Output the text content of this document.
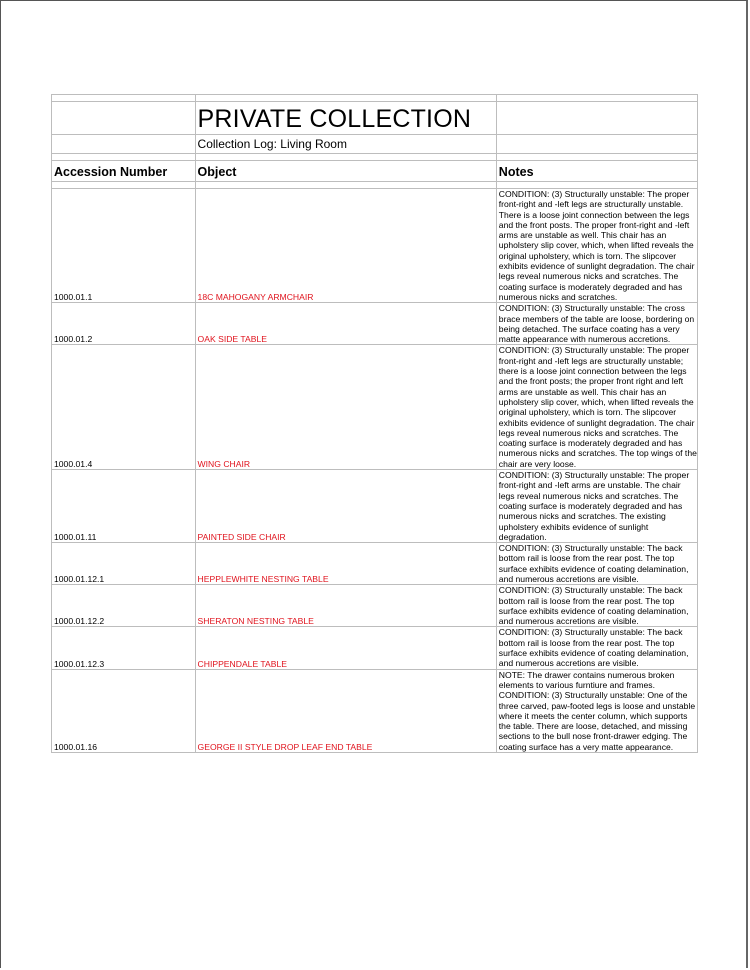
	PRIVATE COLLECTION	
	Collection Log: Living Room	

Accession Number	Object	Notes

1000.01.1	18C MAHOGANY ARMCHAIR	CONDITION: (3) Structurally unstable: The proper front-right and -left legs are structurally unstable. There is a loose joint connection between the legs and the front posts. The proper front-right and -left arms are unstable as well. This chair has an upholstery slip cover, which, when lifted reveals the original upholstery, which is torn. The slipcover exhibits evidence of sunlight degradation. The chair legs reveal numerous nicks and scratches. The coating surface is moderately degraded and has numerous nicks and scratches.
1000.01.2	OAK SIDE TABLE	CONDITION: (3) Structurally unstable: The cross brace members of the table are loose, bordering on being detached. The surface coating has a very matte appearance with numerous accretions.
1000.01.4	WING CHAIR	CONDITION: (3) Structurally unstable: The proper front-right and -left legs are structurally unstable; there is a loose joint connection between the legs and the front posts; the proper front right and left arms are unstable as well. This chair has an upholstery slip cover, which, when lifted reveals the original upholstery, which is torn. The slipcover exhibits evidence of sunlight degradation. The chair legs reveal numerous nicks and scratches. The coating surface is moderately degraded and has numerous nicks and scratches. The top wings of the chair are very loose.
1000.01.11	PAINTED SIDE CHAIR	CONDITION: (3) Structurally unstable: The proper front-right and -left arms are unstable. The chair legs reveal numerous nicks and scratches. The coating surface is moderately degraded and has numerous nicks and scratches. The existing upholstery exhibits evidence of sunlight degradation.
1000.01.12.1	HEPPLEWHITE NESTING TABLE	CONDITION: (3) Structurally unstable: The back bottom rail is loose from the rear post. The top surface exhibits evidence of coating delamination, and numerous accretions are visible.
1000.01.12.2	SHERATON NESTING TABLE	CONDITION: (3) Structurally unstable: The back bottom rail is loose from the rear post. The top surface exhibits evidence of coating delamination, and numerous accretions are visible.
1000.01.12.3	CHIPPENDALE TABLE	CONDITION: (3) Structurally unstable: The back bottom rail is loose from the rear post. The top surface exhibits evidence of coating delamination, and numerous accretions are visible.
1000.01.16	GEORGE II STYLE DROP LEAF END TABLE	NOTE: The drawer contains numerous broken elements to various furntiure and frames. CONDITION: (3) Structurally unstable: One of the three carved, paw-footed legs is loose and unstable where it meets the center column, which supports the table. There are loose, detached, and missing sections to the bull nose front-drawer edging. The coating surface has a very matte appearance.
